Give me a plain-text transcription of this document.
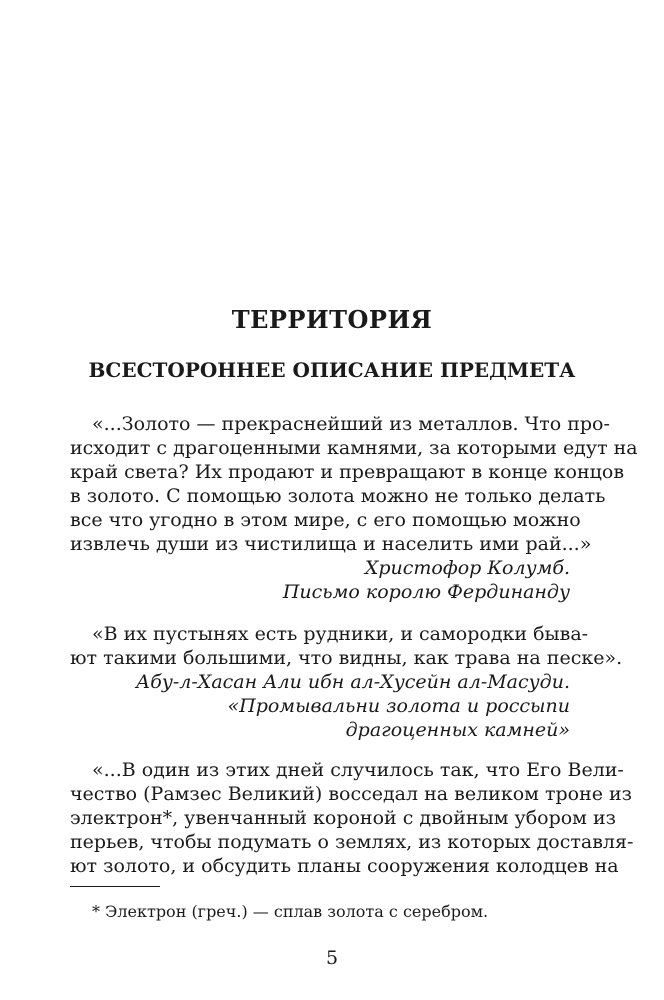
ТЕРРИТОРИЯ
ВСЕСТОРОННЕЕ ОПИСАНИЕ ПРЕДМЕТА
«...Золото — прекраснейший из металлов. Что про-
исходит с драгоценными камнями, за которыми едут на
край света? Их продают и превращают в конце концов
в золото. С помощью золота можно не только делать
все что угодно в этом мире, с его помощью можно
извлечь души из чистилища и населить ими рай...»
Христофор Колумб.
Письмо королю Фердинанду
«В их пустынях есть рудники, и самородки быва-
ют такими большими, что видны, как трава на песке».
Абу-л-Хасан Али ибн ал-Хусейн ал-Масуди.
«Промывальни золота и россыпи
драгоценных камней»
«...В один из этих дней случилось так, что Его Вели-
чество (Рамзес Великий) восседал на великом троне из
электрон*, увенчанный короной с двойным убором из
перьев, чтобы подумать о землях, из которых доставля-
ют золото, и обсудить планы сооружения колодцев на
* Электрон (греч.) — сплав золота с серебром.
5
